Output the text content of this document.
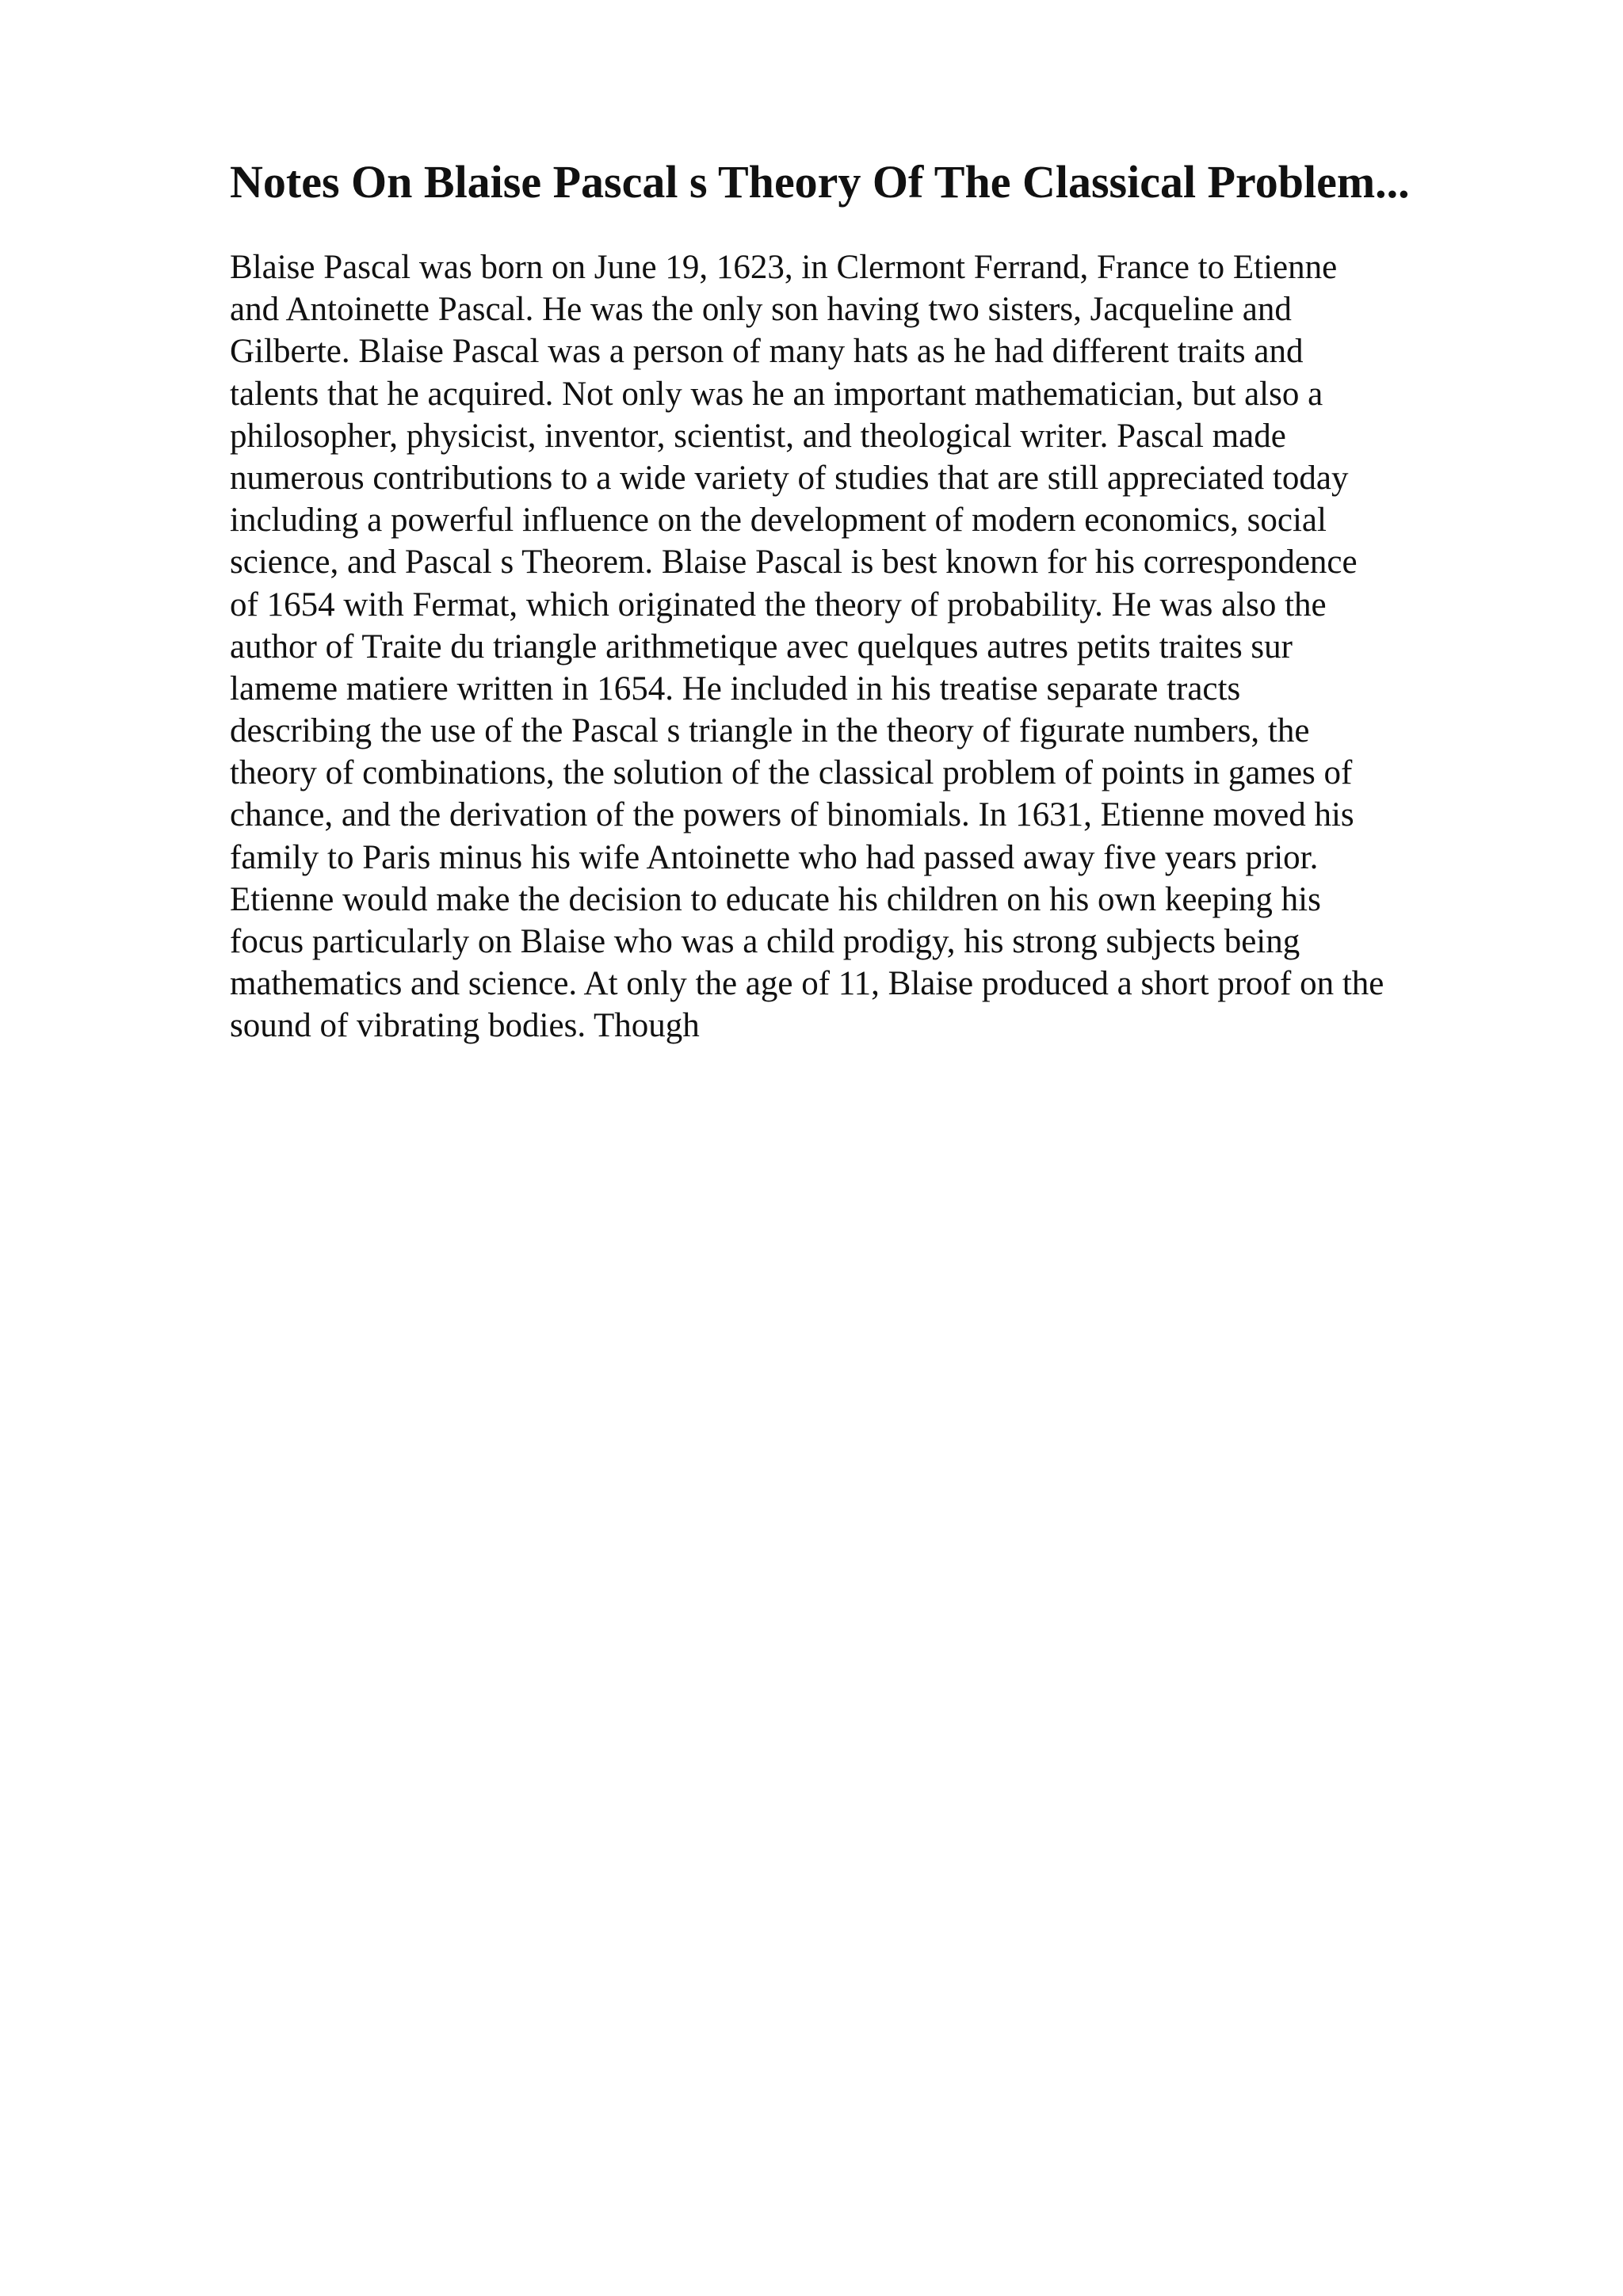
Notes On Blaise Pascal s Theory Of The Classical Problem...
Blaise Pascal was born on June 19, 1623, in Clermont Ferrand, France to Etienne
and Antoinette Pascal. He was the only son having two sisters, Jacqueline and
Gilberte. Blaise Pascal was a person of many hats as he had different traits and
talents that he acquired. Not only was he an important mathematician, but also a
philosopher, physicist, inventor, scientist, and theological writer. Pascal made
numerous contributions to a wide variety of studies that are still appreciated today
including a powerful influence on the development of modern economics, social
science, and Pascal s Theorem. Blaise Pascal is best known for his correspondence
of 1654 with Fermat, which originated the theory of probability. He was also the
author of Traite du triangle arithmetique avec quelques autres petits traites sur
lameme matiere written in 1654. He included in his treatise separate tracts
describing the use of the Pascal s triangle in the theory of figurate numbers, the
theory of combinations, the solution of the classical problem of points in games of
chance, and the derivation of the powers of binomials. In 1631, Etienne moved his
family to Paris minus his wife Antoinette who had passed away five years prior.
Etienne would make the decision to educate his children on his own keeping his
focus particularly on Blaise who was a child prodigy, his strong subjects being
mathematics and science. At only the age of 11, Blaise produced a short proof on the
sound of vibrating bodies. Though
